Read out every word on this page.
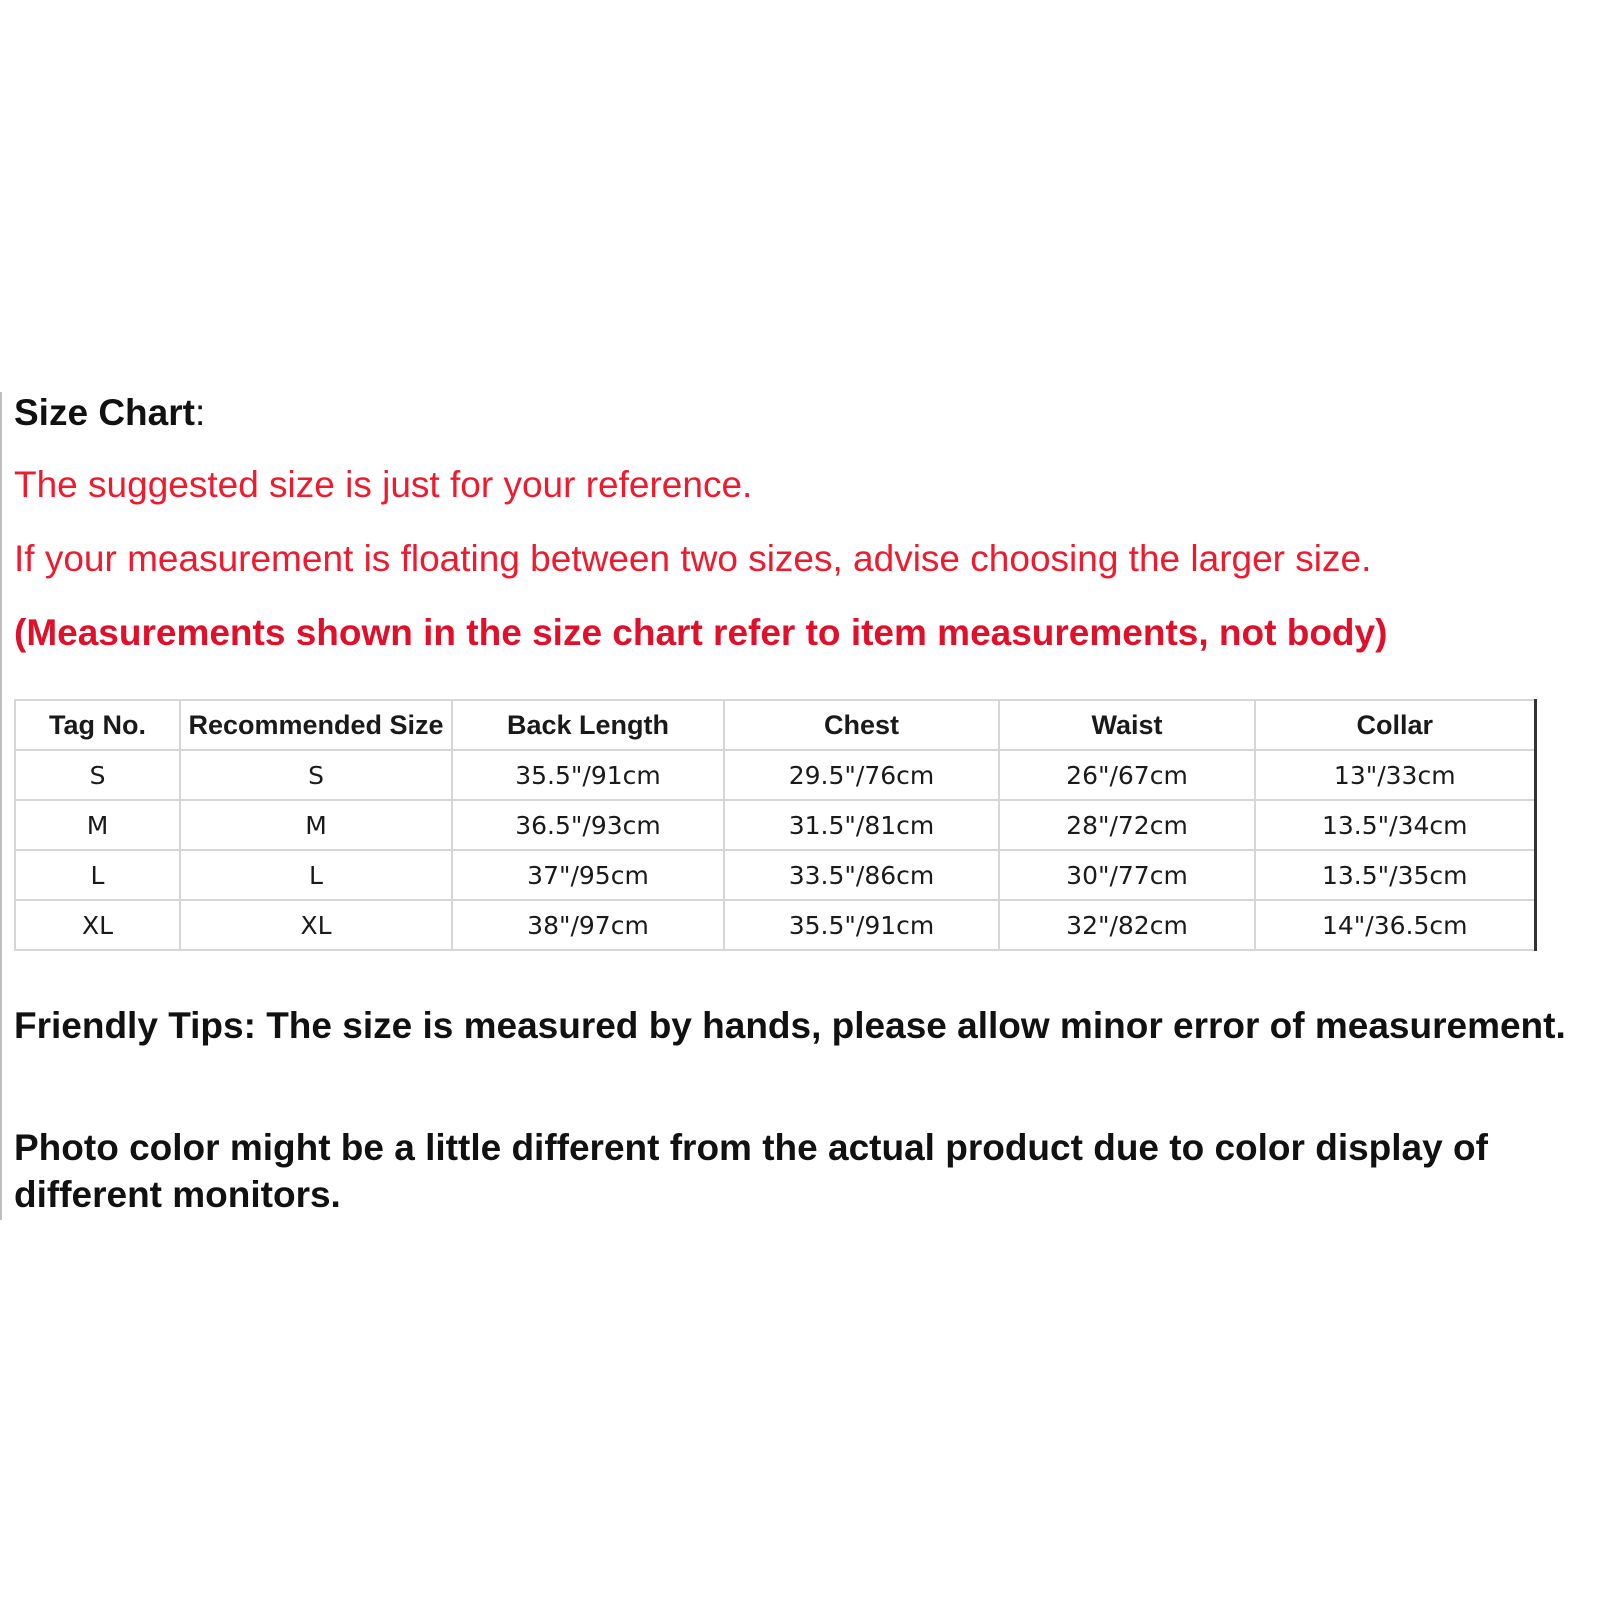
Size Chart:
The suggested size is just for your reference.
If your measurement is floating between two sizes, advise choosing the larger size.
(Measurements shown in the size chart refer to item measurements, not body)
Tag No.	Recommended Size	Back Length	Chest	Waist	Collar
S	S	35.5"/91cm	29.5"/76cm	26"/67cm	13"/33cm
M	M	36.5"/93cm	31.5"/81cm	28"/72cm	13.5"/34cm
L	L	37"/95cm	33.5"/86cm	30"/77cm	13.5"/35cm
XL	XL	38"/97cm	35.5"/91cm	32"/82cm	14"/36.5cm
Friendly Tips: The size is measured by hands, please allow minor error of measurement.
Photo color might be a little different from the actual product due to color display of different monitors.
